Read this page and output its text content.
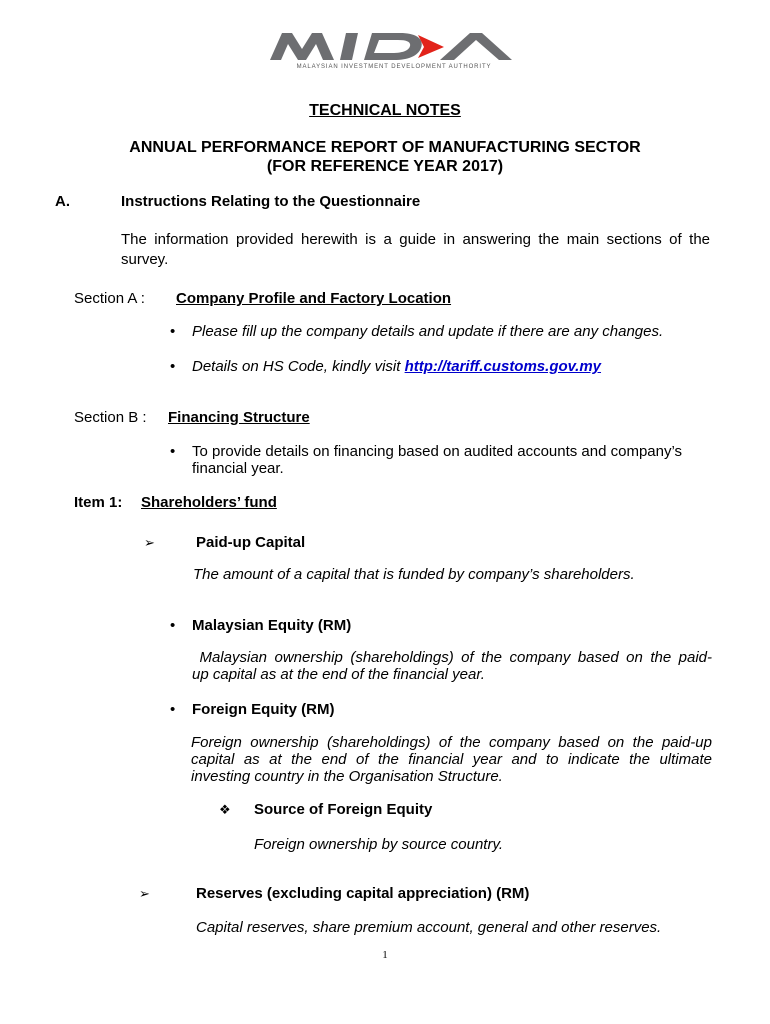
MALAYSIAN INVESTMENT DEVELOPMENT AUTHORITY
TECHNICAL NOTES
ANNUAL PERFORMANCE REPORT OF MANUFACTURING SECTOR
(FOR REFERENCE YEAR 2017)
A.	Instructions Relating to the Questionnaire
The information provided herewith is a guide in answering the main sections of the
survey.
Section A : Company Profile and Factory Location
• Please fill up the company details and update if there are any changes.
• Details on HS Code, kindly visit http://tariff.customs.gov.my
Section B : Financing Structure
• To provide details on financing based on audited accounts and company’s
financial year.
Item 1: Shareholders’ fund
➢	Paid-up Capital
The amount of a capital that is funded by company’s shareholders.
• Malaysian Equity (RM)
Malaysian ownership (shareholdings) of the company based on the paid-
up capital as at the end of the financial year.
• Foreign Equity (RM)
Foreign ownership (shareholdings) of the company based on the paid-up
capital as at the end of the financial year and to indicate the ultimate
investing country in the Organisation Structure.
❖ Source of Foreign Equity
Foreign ownership by source country.
➢	Reserves (excluding capital appreciation) (RM)
Capital reserves, share premium account, general and other reserves.
1
